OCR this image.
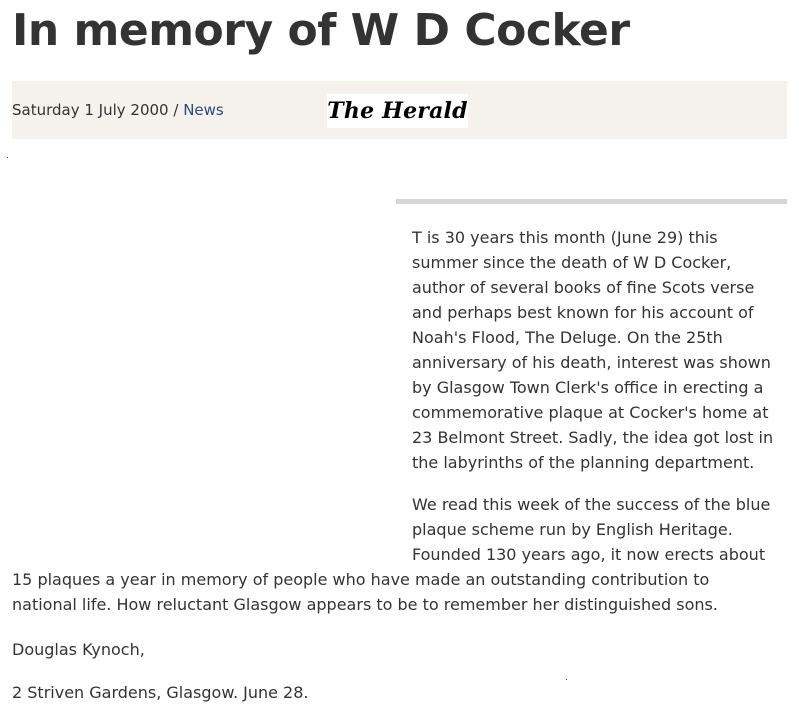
In memory of W D Cocker
Saturday 1 July 2000 / News	The Herald
T is 30 years this month (June 29) this
summer since the death of W D Cocker,
author of several books of fine Scots verse
and perhaps best known for his account of
Noah's Flood, The Deluge. On the 25th
anniversary of his death, interest was shown
by Glasgow Town Clerk's office in erecting a
commemorative plaque at Cocker's home at
23 Belmont Street. Sadly, the idea got lost in
the labyrinths of the planning department.
We read this week of the success of the blue
plaque scheme run by English Heritage.
Founded 130 years ago, it now erects about
15 plaques a year in memory of people who have made an outstanding contribution to
national life. How reluctant Glasgow appears to be to remember her distinguished sons.
Douglas Kynoch,
2 Striven Gardens, Glasgow. June 28.
